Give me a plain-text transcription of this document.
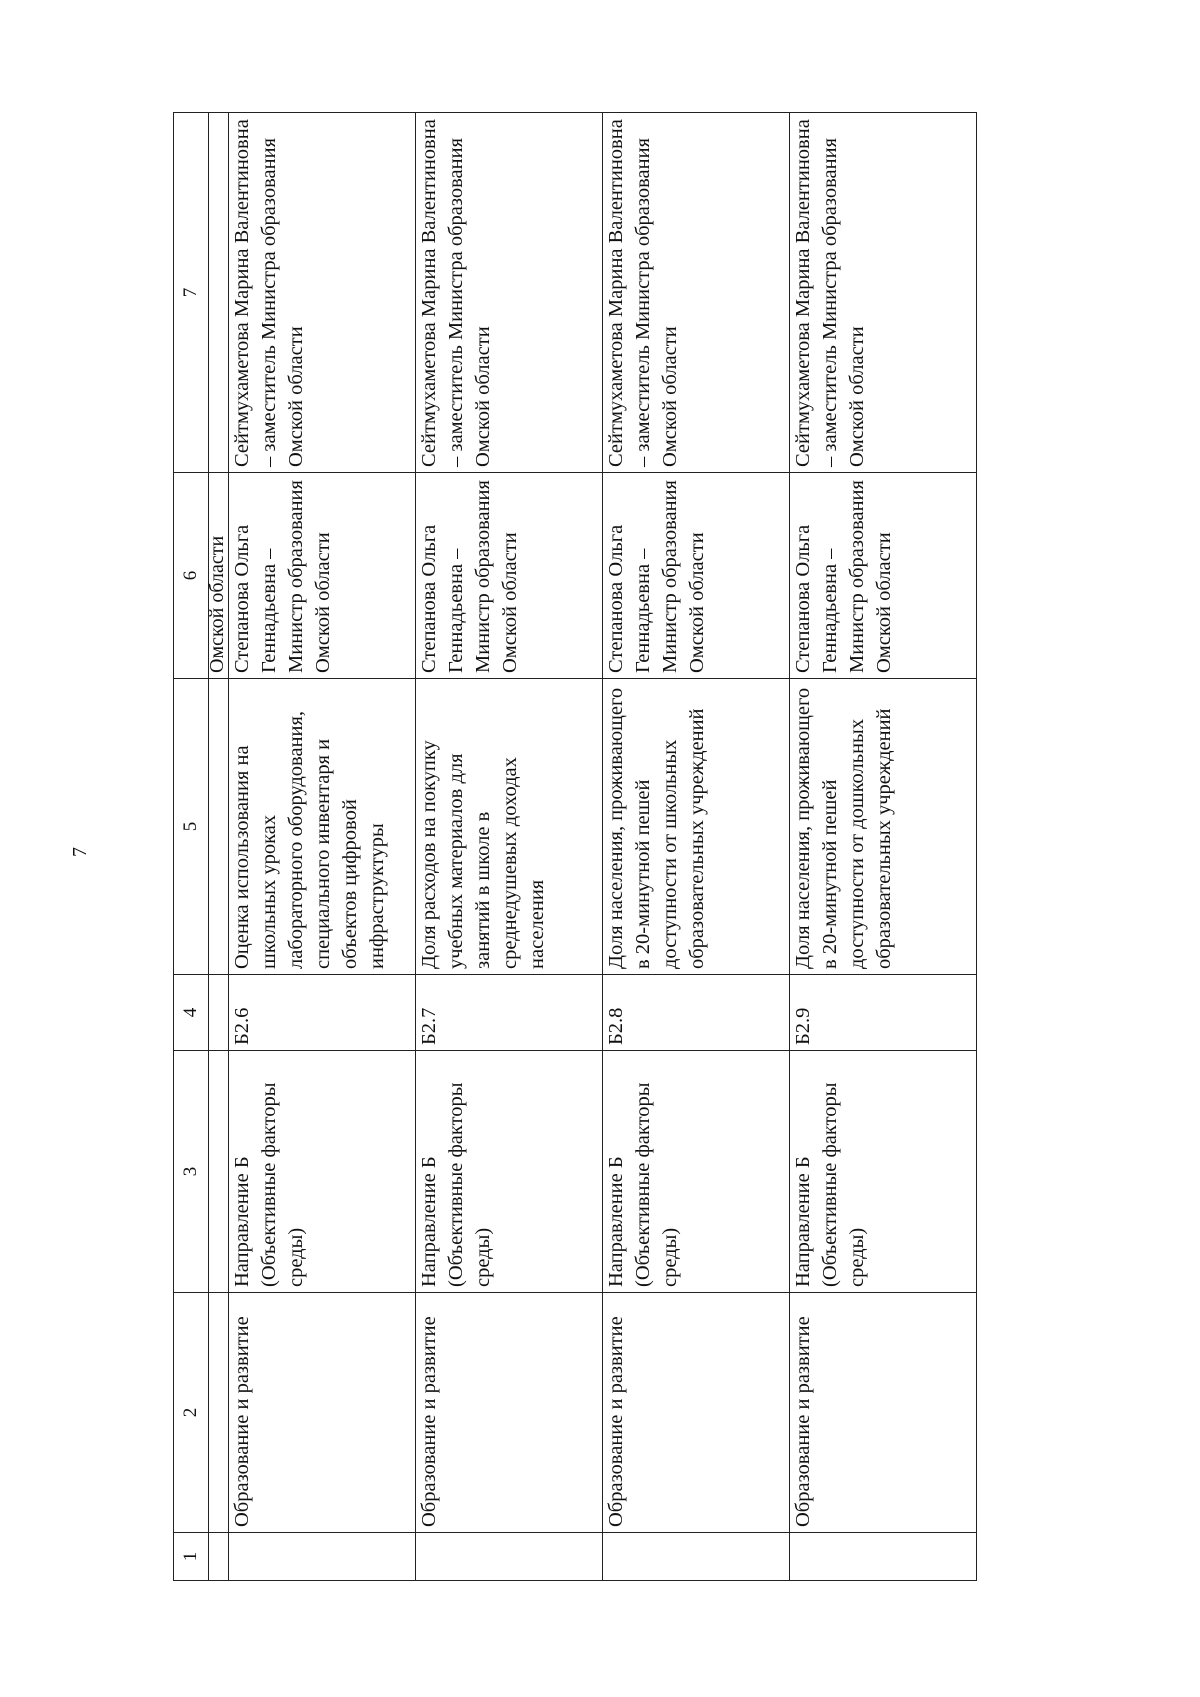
7
1	2	3	4	5	6	7
					Омской области	
	Образование и развитие	Направление Б (Объективные факторы среды)	Б2.6	Оценка использования на школьных уроках лабораторного оборудования, специального инвентаря и объектов цифровой инфраструктуры	Степанова Ольга Геннадьевна – Министр образования Омской области	Сейтмухаметова Марина Валентиновна – заместитель Министра образования Омской области
	Образование и развитие	Направление Б (Объективные факторы среды)	Б2.7	Доля расходов на покупку учебных материалов для занятий в школе в среднедушевых доходах населения	Степанова Ольга Геннадьевна – Министр образования Омской области	Сейтмухаметова Марина Валентиновна – заместитель Министра образования Омской области
	Образование и развитие	Направление Б (Объективные факторы среды)	Б2.8	Доля населения, проживающего в 20-минутной пешей доступности от школьных образовательных учреждений	Степанова Ольга Геннадьевна – Министр образования Омской области	Сейтмухаметова Марина Валентиновна – заместитель Министра образования Омской области
	Образование и развитие	Направление Б (Объективные факторы среды)	Б2.9	Доля населения, проживающего в 20-минутной пешей доступности от дошкольных образовательных учреждений	Степанова Ольга Геннадьевна – Министр образования Омской области	Сейтмухаметова Марина Валентиновна – заместитель Министра образования Омской области
